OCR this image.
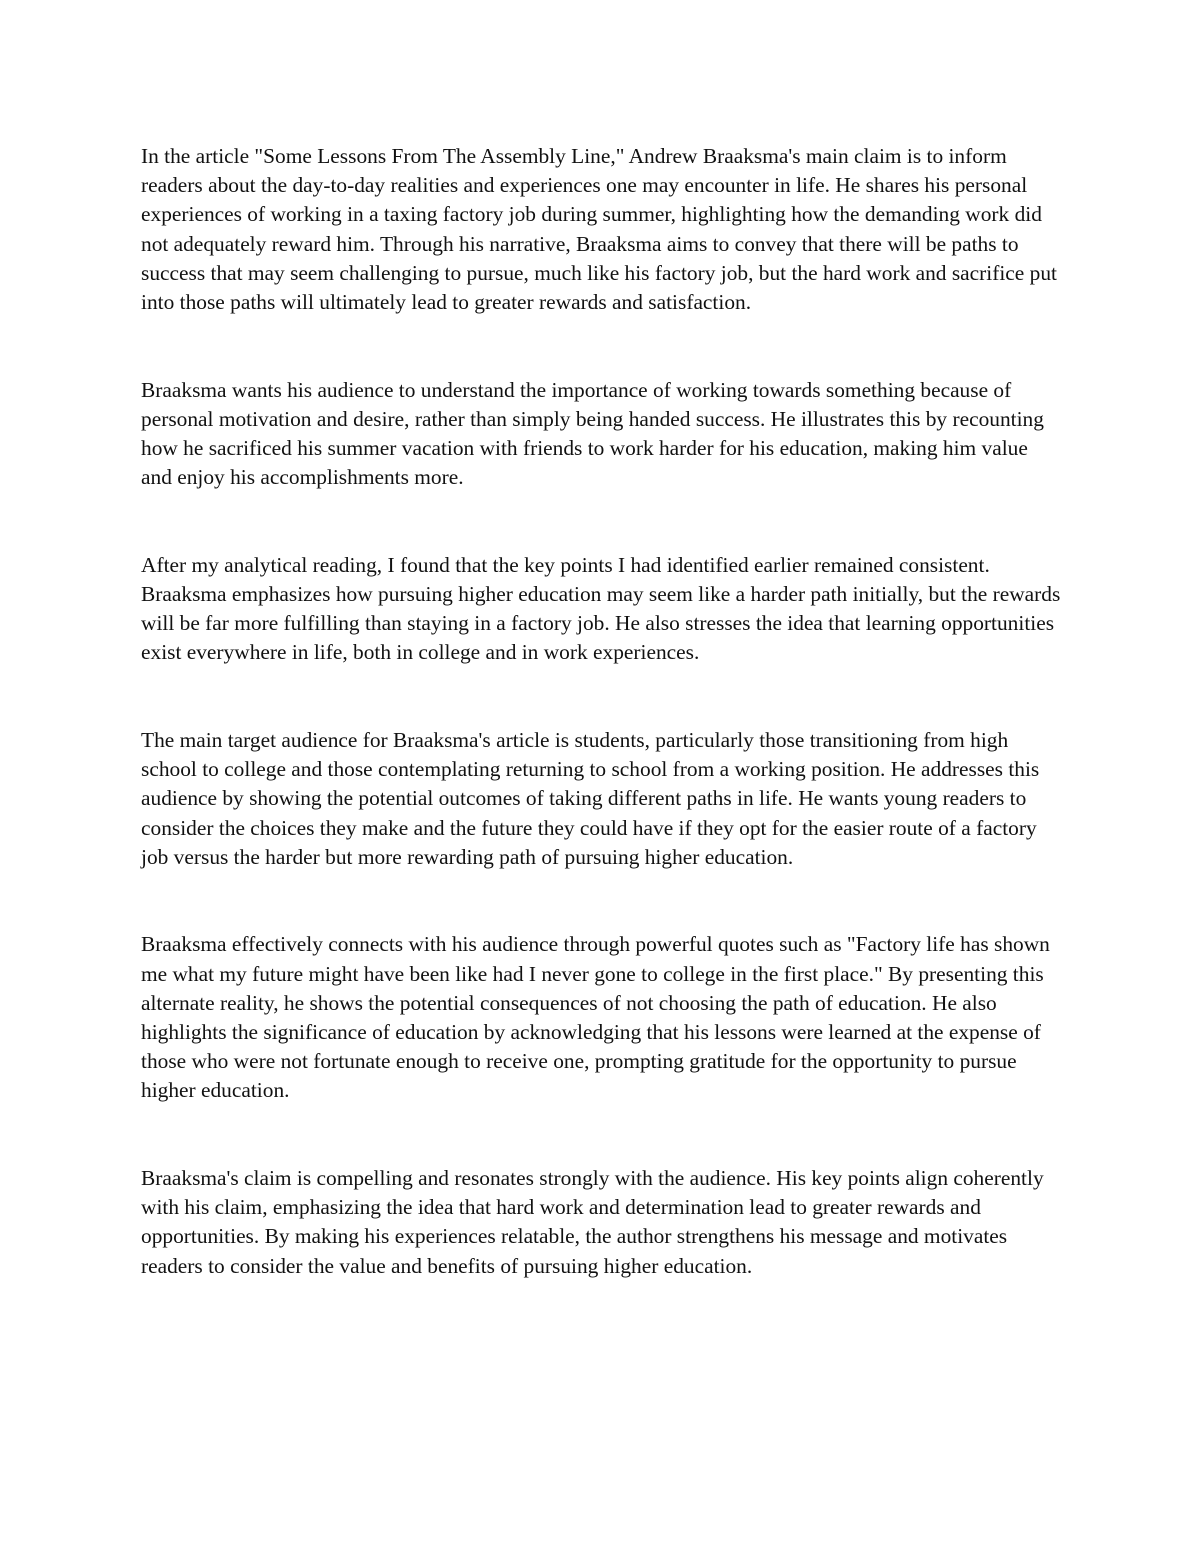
In the article "Some Lessons From The Assembly Line," Andrew Braaksma's main claim is to inform readers about the day-to-day realities and experiences one may encounter in life. He shares his personal experiences of working in a taxing factory job during summer, highlighting how the demanding work did not adequately reward him. Through his narrative, Braaksma aims to convey that there will be paths to success that may seem challenging to pursue, much like his factory job, but the hard work and sacrifice put into those paths will ultimately lead to greater rewards and satisfaction.

Braaksma wants his audience to understand the importance of working towards something because of personal motivation and desire, rather than simply being handed success. He illustrates this by recounting how he sacrificed his summer vacation with friends to work harder for his education, making him value and enjoy his accomplishments more.

After my analytical reading, I found that the key points I had identified earlier remained consistent. Braaksma emphasizes how pursuing higher education may seem like a harder path initially, but the rewards will be far more fulfilling than staying in a factory job. He also stresses the idea that learning opportunities exist everywhere in life, both in college and in work experiences.

The main target audience for Braaksma's article is students, particularly those transitioning from high school to college and those contemplating returning to school from a working position. He addresses this audience by showing the potential outcomes of taking different paths in life. He wants young readers to consider the choices they make and the future they could have if they opt for the easier route of a factory job versus the harder but more rewarding path of pursuing higher education.

Braaksma effectively connects with his audience through powerful quotes such as "Factory life has shown me what my future might have been like had I never gone to college in the first place." By presenting this alternate reality, he shows the potential consequences of not choosing the path of education. He also highlights the significance of education by acknowledging that his lessons were learned at the expense of those who were not fortunate enough to receive one, prompting gratitude for the opportunity to pursue higher education.

Braaksma's claim is compelling and resonates strongly with the audience. His key points align coherently with his claim, emphasizing the idea that hard work and determination lead to greater rewards and opportunities. By making his experiences relatable, the author strengthens his message and motivates readers to consider the value and benefits of pursuing higher education.
